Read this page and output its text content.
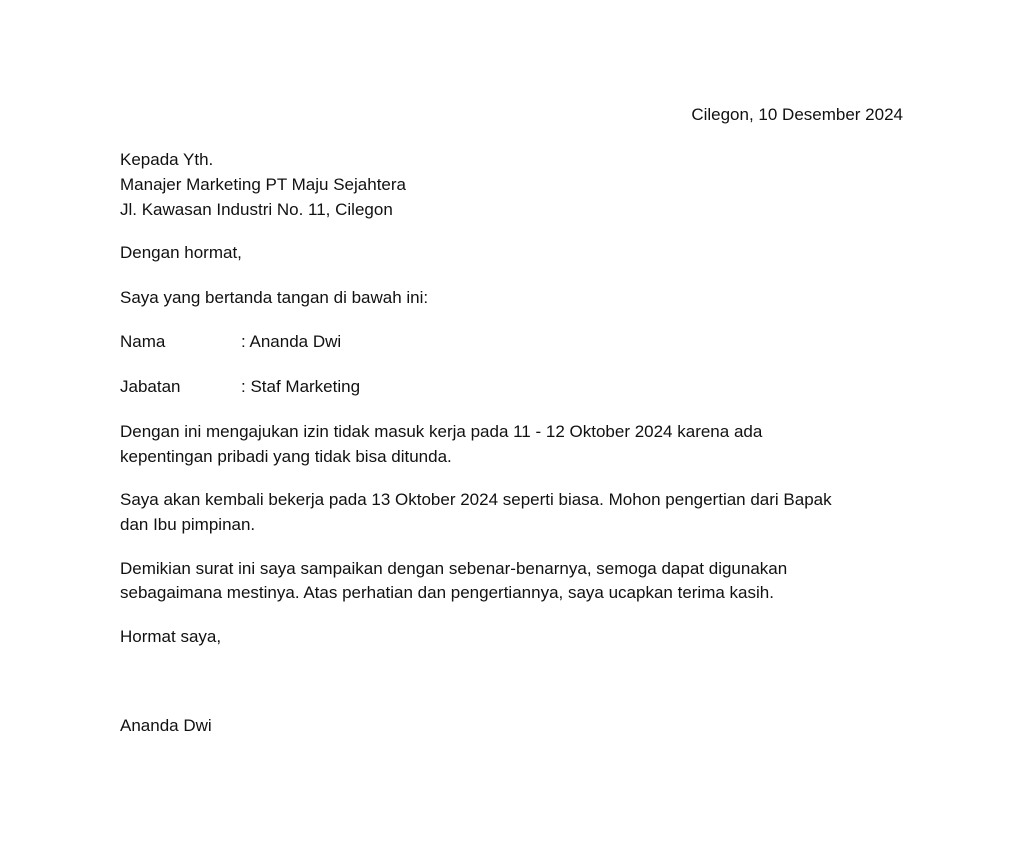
Cilegon, 10 Desember 2024
Kepada Yth.
Manajer Marketing PT Maju Sejahtera
Jl. Kawasan Industri No. 11, Cilegon
Dengan hormat,
Saya yang bertanda tangan di bawah ini:
Nama	: Ananda Dwi
Jabatan	: Staf Marketing
Dengan ini mengajukan izin tidak masuk kerja pada 11 - 12 Oktober 2024 karena ada
kepentingan pribadi yang tidak bisa ditunda.
Saya akan kembali bekerja pada 13 Oktober 2024 seperti biasa. Mohon pengertian dari Bapak
dan Ibu pimpinan.
Demikian surat ini saya sampaikan dengan sebenar-benarnya, semoga dapat digunakan
sebagaimana mestinya. Atas perhatian dan pengertiannya, saya ucapkan terima kasih.
Hormat saya,
Ananda Dwi
